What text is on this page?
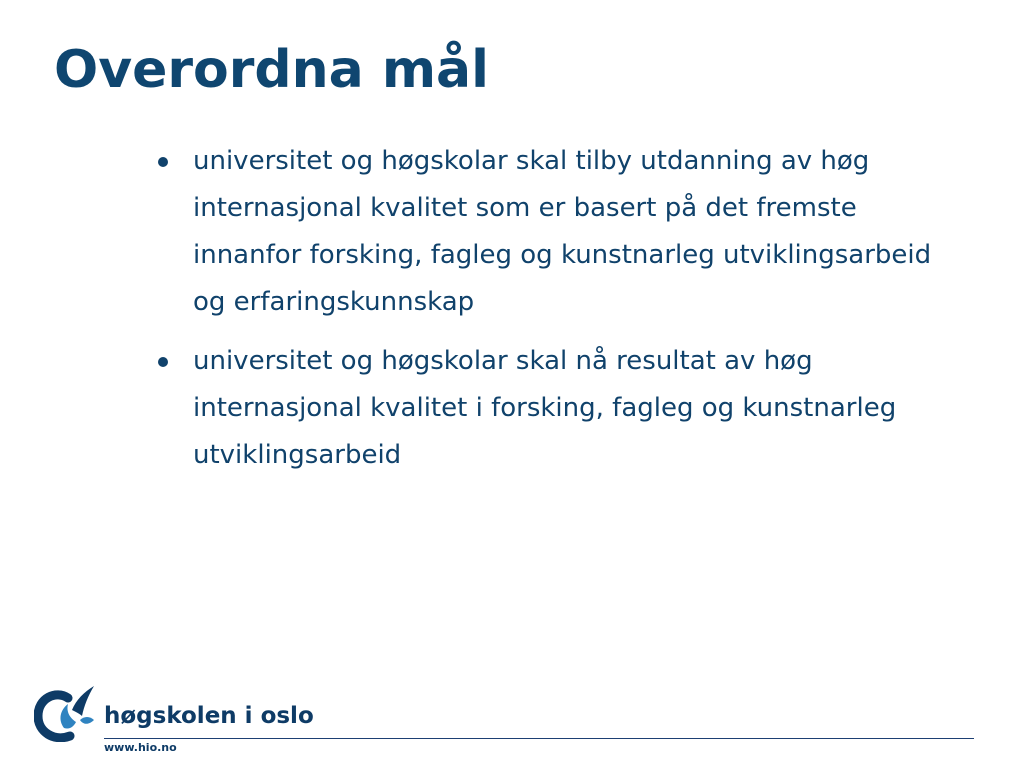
Overordna mål
universitet og høgskolar skal tilby utdanning av høg internasjonal kvalitet som er basert på det fremste innanfor forsking, fagleg og kunstnarleg utviklingsarbeid og erfaringskunnskap
universitet og høgskolar skal nå resultat av høg internasjonal kvalitet i forsking, fagleg og kunstnarleg utviklingsarbeid

høgskolen i oslo

www.hio.no
